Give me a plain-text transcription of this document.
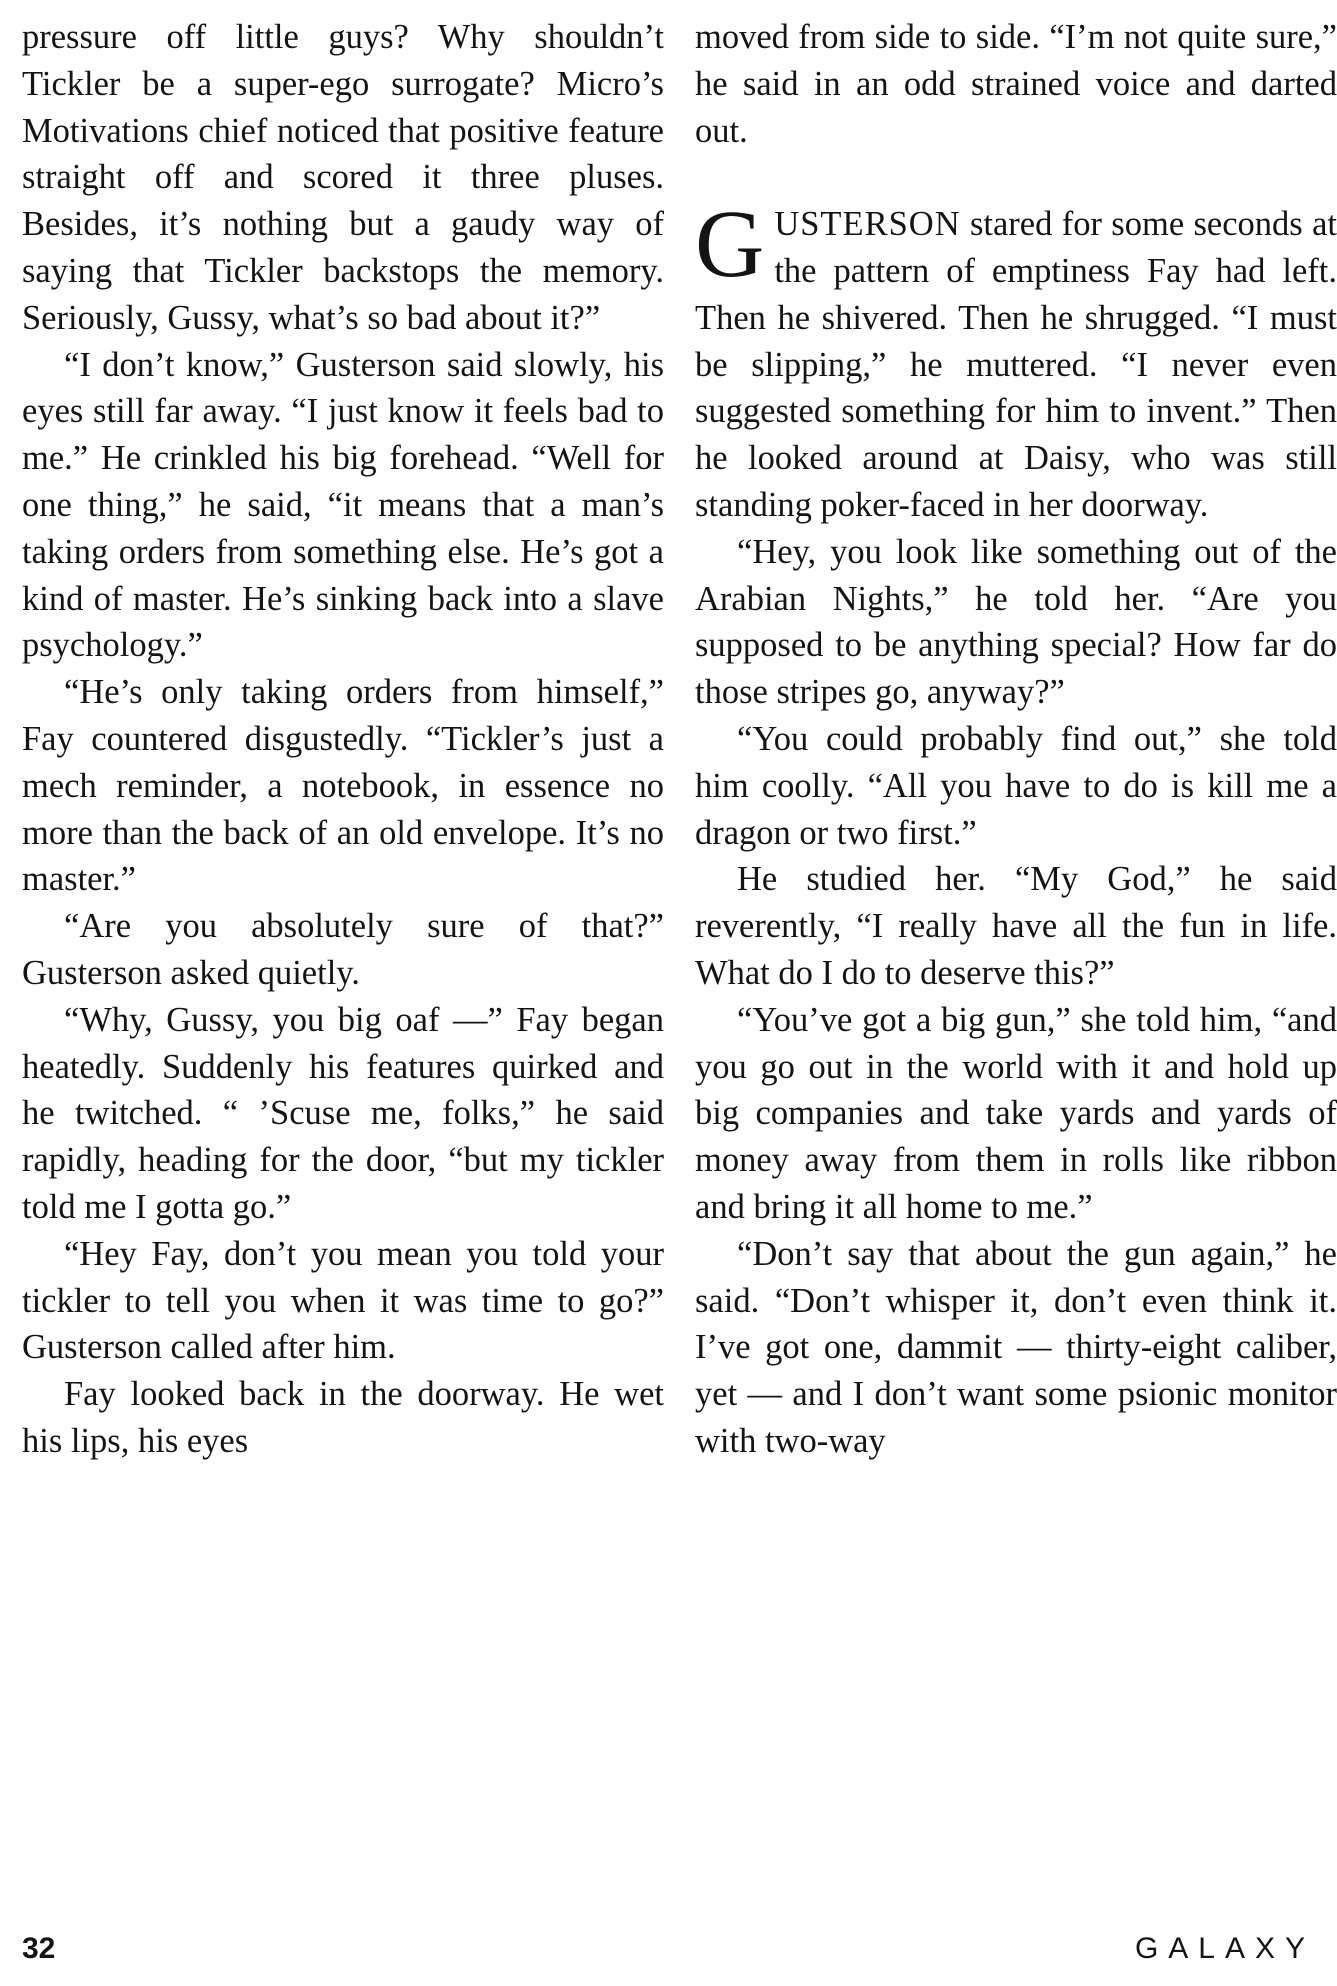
pressure off little guys? Why shouldn’t Tickler be a super-ego surrogate? Micro’s Motivations chief noticed that positive feature straight off and scored it three pluses. Besides, it’s nothing but a gaudy way of saying that Tickler backstops the memory. Seriously, Gussy, what’s so bad about it?”

“I don’t know,” Gusterson said slowly, his eyes still far away. “I just know it feels bad to me.” He crinkled his big forehead. “Well for one thing,” he said, “it means that a man’s taking orders from something else. He’s got a kind of master. He’s sinking back into a slave psychology.”

“He’s only taking orders from himself,” Fay countered disgustedly. “Tickler’s just a mech reminder, a notebook, in essence no more than the back of an old envelope. It’s no master.”

“Are you absolutely sure of that?” Gusterson asked quietly.

“Why, Gussy, you big oaf —” Fay began heatedly. Suddenly his features quirked and he twitched. “ ’Scuse me, folks,” he said rapidly, heading for the door, “but my tickler told me I gotta go.”

“Hey Fay, don’t you mean you told your tickler to tell you when it was time to go?” Gusterson called after him.

Fay looked back in the doorway. He wet his lips, his eyes

moved from side to side. “I’m not quite sure,” he said in an odd strained voice and darted out.

GUSTERSON stared for some seconds at the pattern of emptiness Fay had left. Then he shivered. Then he shrugged. “I must be slipping,” he muttered. “I never even suggested something for him to invent.” Then he looked around at Daisy, who was still standing poker-faced in her doorway.

“Hey, you look like something out of the Arabian Nights,” he told her. “Are you supposed to be anything special? How far do those stripes go, anyway?”

“You could probably find out,” she told him coolly. “All you have to do is kill me a dragon or two first.”

He studied her. “My God,” he said reverently, “I really have all the fun in life. What do I do to deserve this?”

“You’ve got a big gun,” she told him, “and you go out in the world with it and hold up big companies and take yards and yards of money away from them in rolls like ribbon and bring it all home to me.”

“Don’t say that about the gun again,” he said. “Don’t whisper it, don’t even think it. I’ve got one, dammit — thirty-eight caliber, yet — and I don’t want some psionic monitor with two-way

32	GALAXY
